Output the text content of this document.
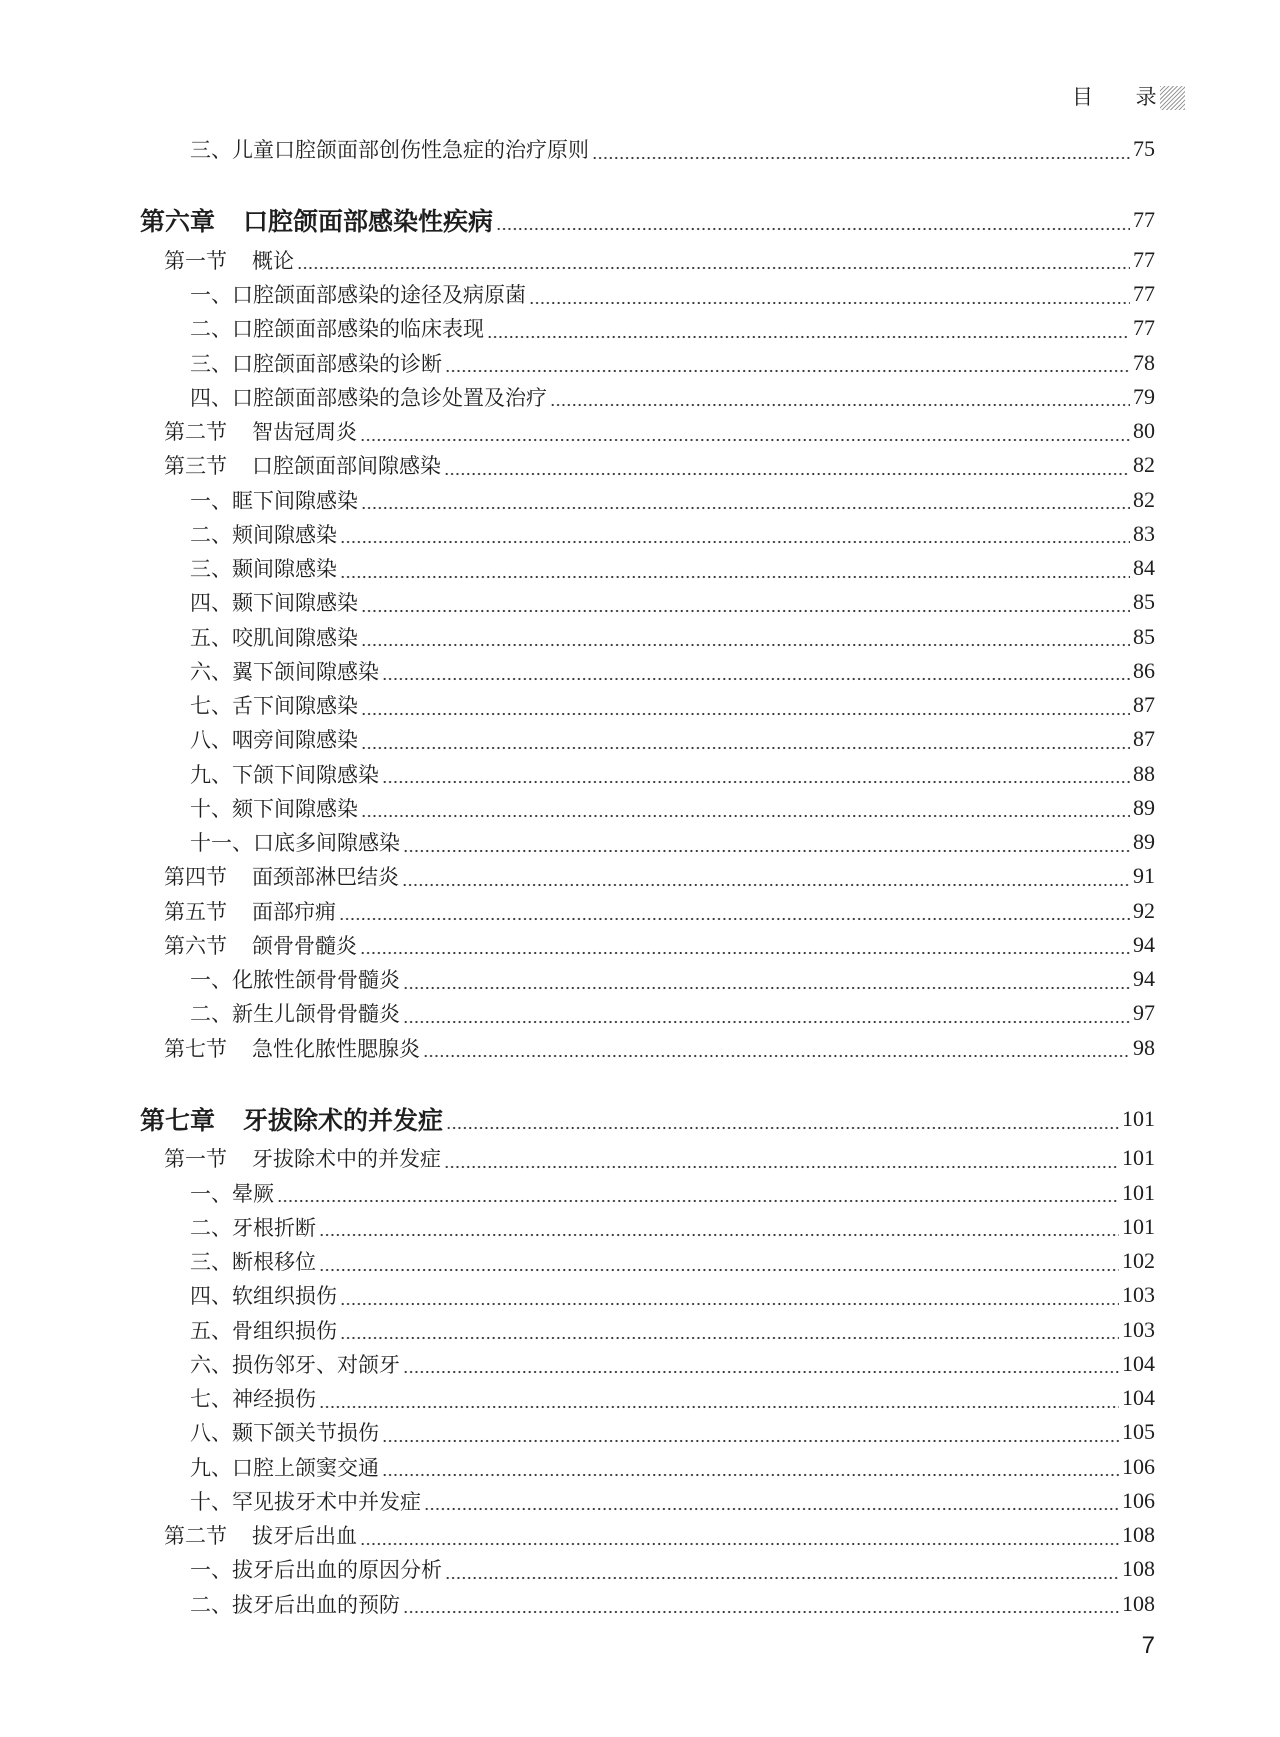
目 录
三、儿童口腔颌面部创伤性急症的治疗原则	75
第六章 口腔颌面部感染性疾病	77
第一节 概论	77
一、口腔颌面部感染的途径及病原菌	77
二、口腔颌面部感染的临床表现	77
三、口腔颌面部感染的诊断	78
四、口腔颌面部感染的急诊处置及治疗	79
第二节 智齿冠周炎	80
第三节 口腔颌面部间隙感染	82
一、眶下间隙感染	82
二、颊间隙感染	83
三、颞间隙感染	84
四、颞下间隙感染	85
五、咬肌间隙感染	85
六、翼下颌间隙感染	86
七、舌下间隙感染	87
八、咽旁间隙感染	87
九、下颌下间隙感染	88
十、颏下间隙感染	89
十一、口底多间隙感染	89
第四节 面颈部淋巴结炎	91
第五节 面部疖痈	92
第六节 颌骨骨髓炎	94
一、化脓性颌骨骨髓炎	94
二、新生儿颌骨骨髓炎	97
第七节 急性化脓性腮腺炎	98
第七章 牙拔除术的并发症	101
第一节 牙拔除术中的并发症	101
一、晕厥	101
二、牙根折断	101
三、断根移位	102
四、软组织损伤	103
五、骨组织损伤	103
六、损伤邻牙、对颌牙	104
七、神经损伤	104
八、颞下颌关节损伤	105
九、口腔上颌窦交通	106
十、罕见拔牙术中并发症	106
第二节 拔牙后出血	108
一、拔牙后出血的原因分析	108
二、拔牙后出血的预防	108
7
